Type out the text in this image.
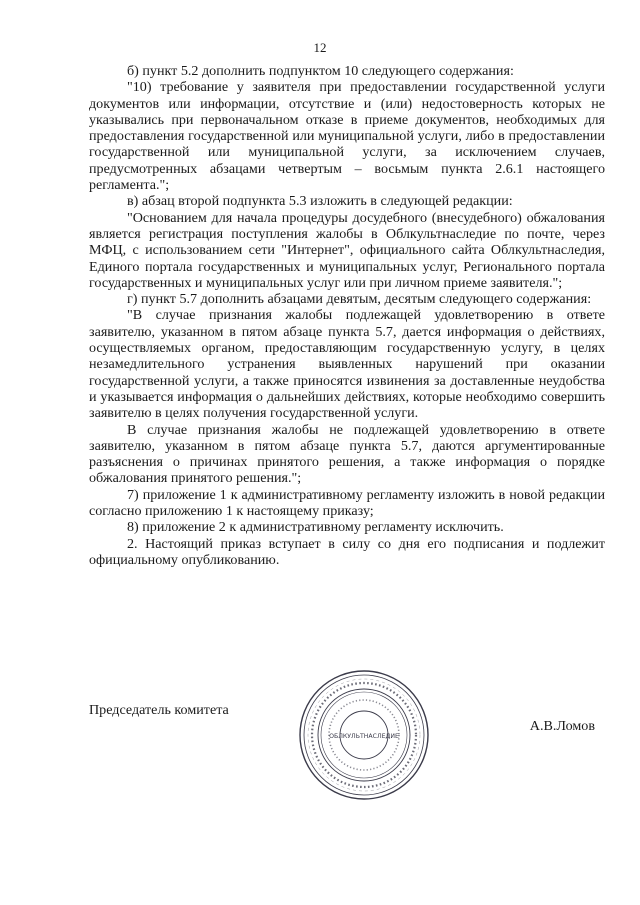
12

б) пункт 5.2 дополнить подпунктом 10 следующего содержания:

"10) требование у заявителя при предоставлении государственной услуги документов или информации, отсутствие и (или) недостоверность которых не указывались при первоначальном отказе в приеме документов, необходимых для предоставления государственной или муниципальной услуги, либо в предоставлении государственной или муниципальной услуги, за исключением случаев, предусмотренных абзацами четвертым – восьмым пункта 2.6.1 настоящего регламента.";

в) абзац второй подпункта 5.3 изложить в следующей редакции:

"Основанием для начала процедуры досудебного (внесудебного) обжалования является регистрация поступления жалобы в Облкультнаследие по почте, через МФЦ, с использованием сети "Интернет", официального сайта Облкультнаследия, Единого портала государственных и муниципальных услуг, Регионального портала государственных и муниципальных услуг или при личном приеме заявителя.";

г) пункт 5.7 дополнить абзацами девятым, десятым следующего содержания:

"В случае признания жалобы подлежащей удовлетворению в ответе заявителю, указанном в пятом абзаце пункта 5.7, дается информация о действиях, осуществляемых органом, предоставляющим государственную услугу, в целях незамедлительного устранения выявленных нарушений при оказании государственной услуги, а также приносятся извинения за доставленные неудобства и указывается информация о дальнейших действиях, которые необходимо совершить заявителю в целях получения государственной услуги.

В случае признания жалобы не подлежащей удовлетворению в ответе заявителю, указанном в пятом абзаце пункта 5.7, даются аргументированные разъяснения о причинах принятого решения, а также информация о порядке обжалования принятого решения.";

7) приложение 1 к административному регламенту изложить в новой редакции согласно приложению 1 к настоящему приказу;

8) приложение 2 к административному регламенту исключить.

2. Настоящий приказ вступает в силу со дня его подписания и подлежит официальному опубликованию.

ОБЛКУЛЬТНАСЛЕДИЕ
Председатель комитета
А.В.Ломов
